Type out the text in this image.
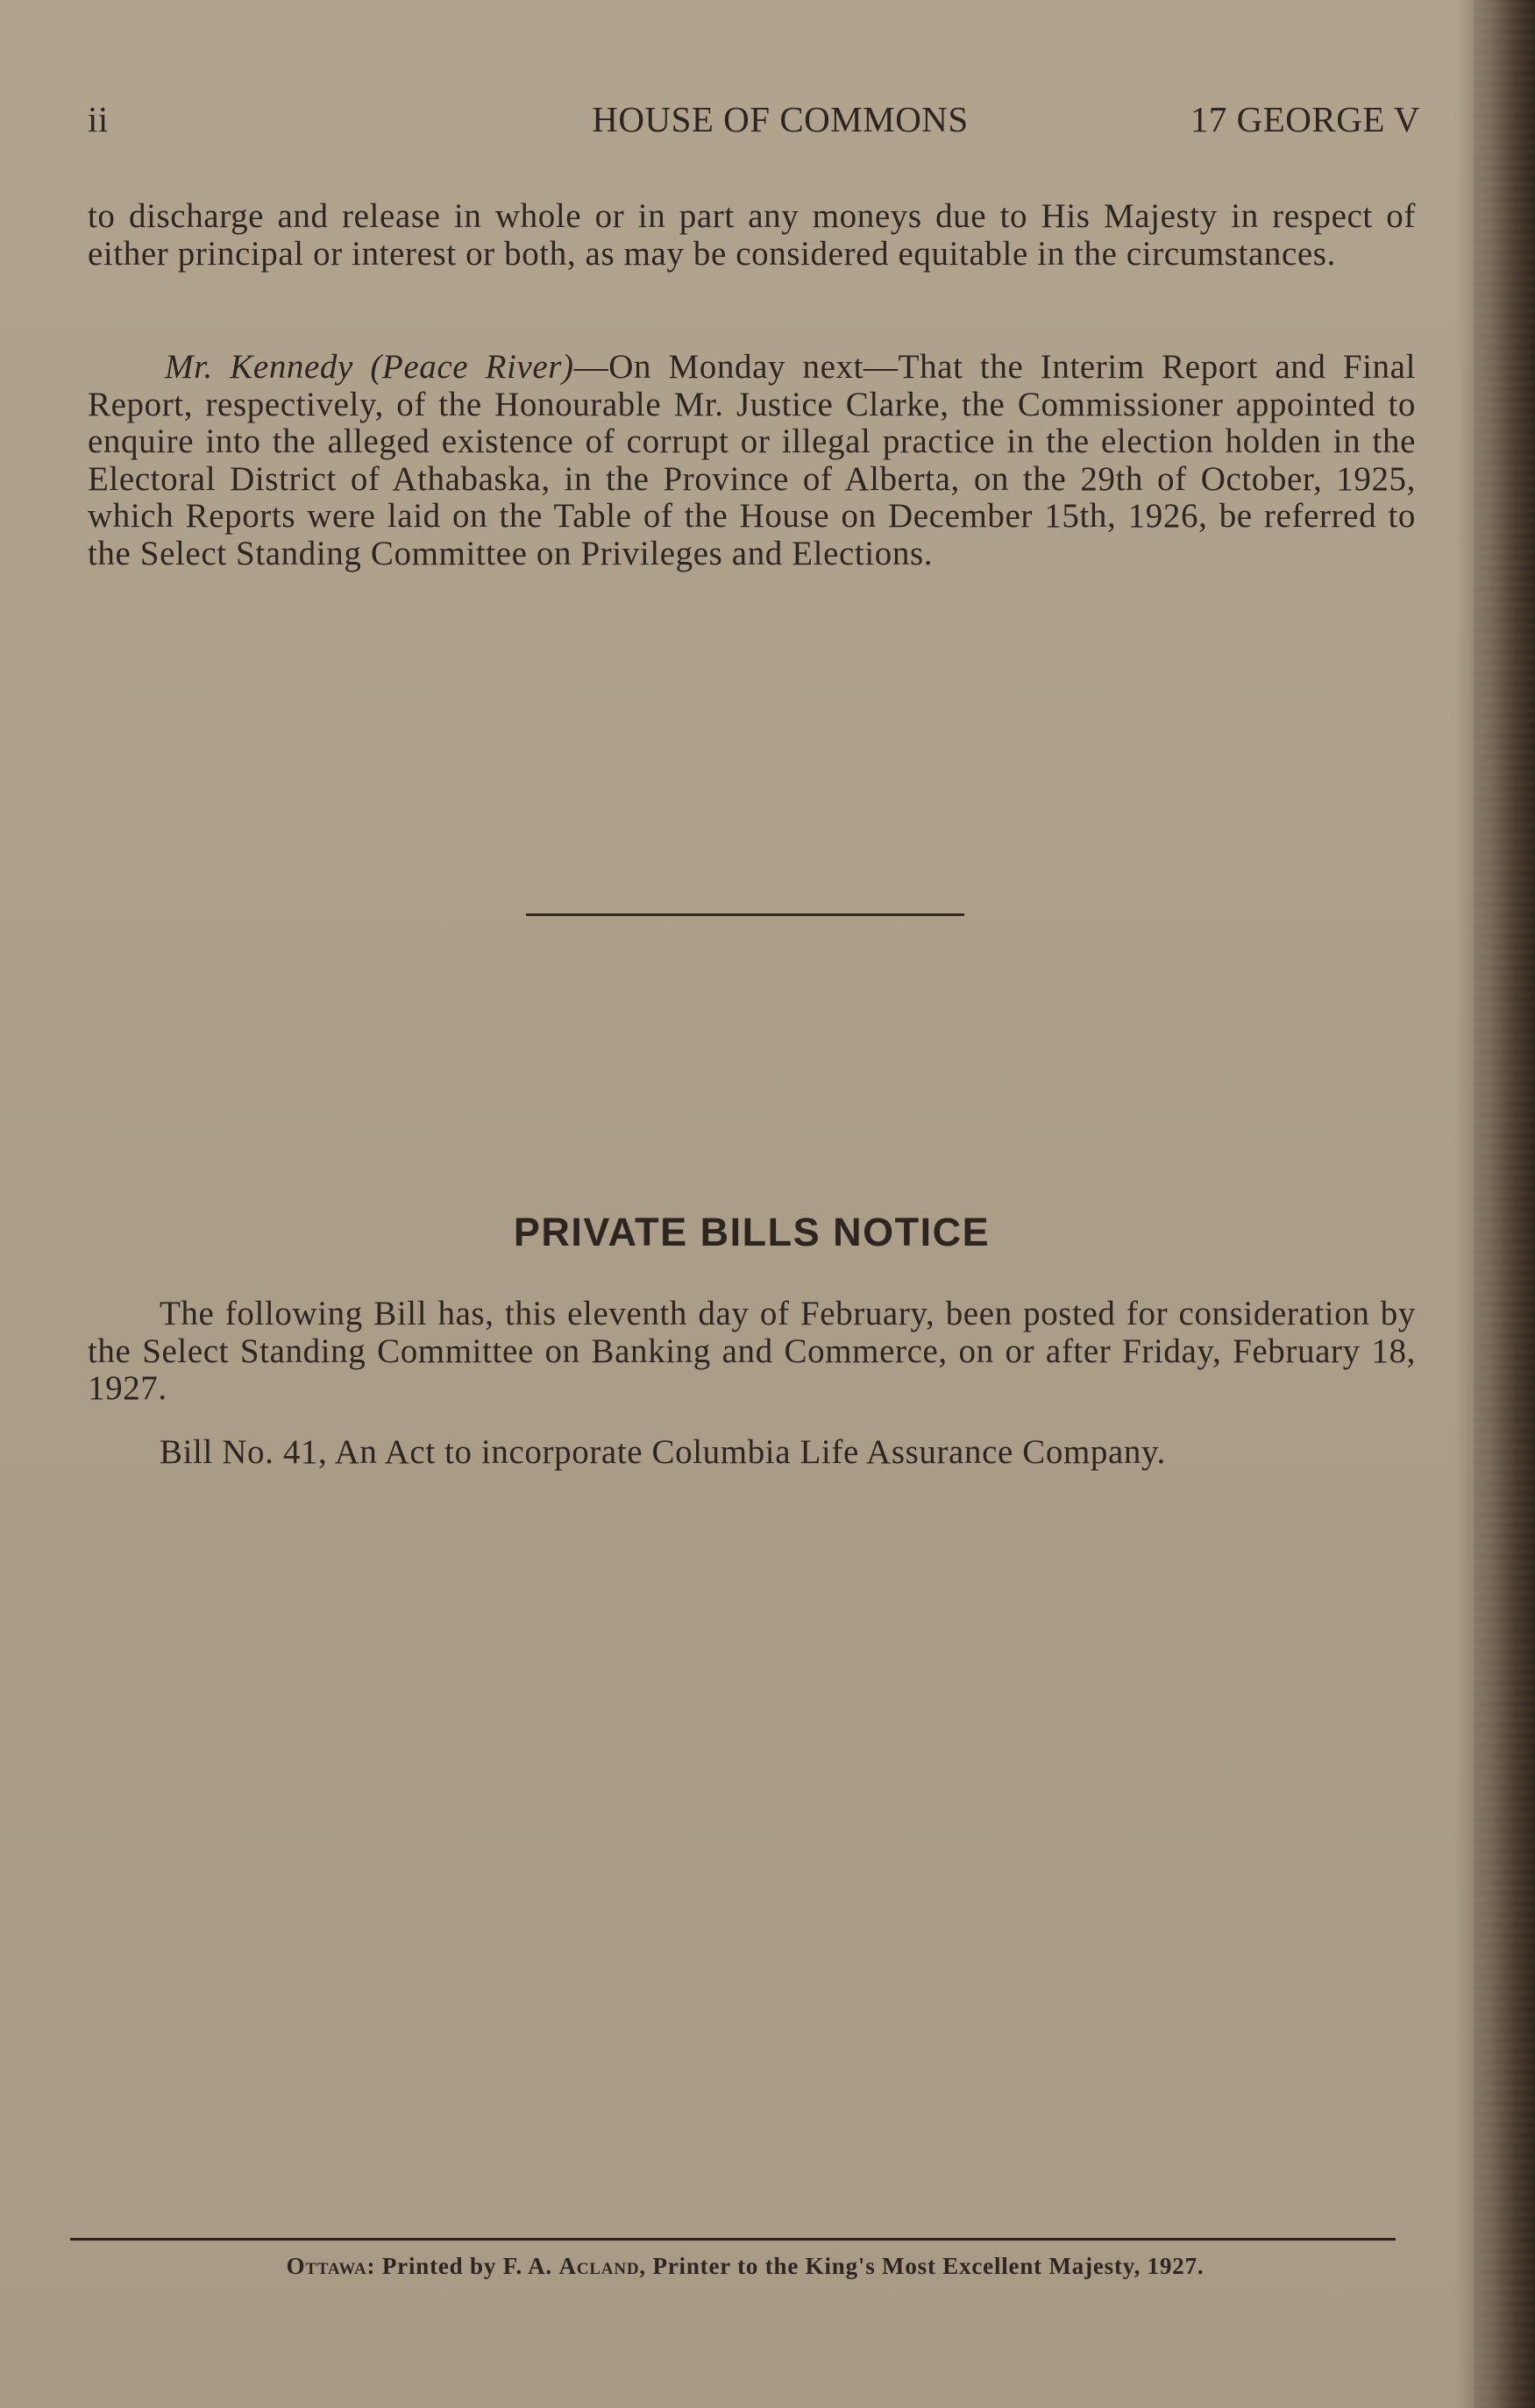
ii	HOUSE OF COMMONS	17 GEORGE V

to discharge and release in whole or in part any moneys due to His Majesty in respect of either principal or interest or both, as may be considered equitable in the circumstances.

Mr. Kennedy (Peace River)—On Monday next—That the Interim Report and Final Report, respectively, of the Honourable Mr. Justice Clarke, the Commissioner appointed to enquire into the alleged existence of corrupt or illegal practice in the election holden in the Electoral District of Athabaska, in the Province of Alberta, on the 29th of October, 1925, which Reports were laid on the Table of the House on December 15th, 1926, be referred to the Select Standing Committee on Privileges and Elections.

PRIVATE BILLS NOTICE

The following Bill has, this eleventh day of February, been posted for consideration by the Select Standing Committee on Banking and Commerce, on or after Friday, February 18, 1927.

Bill No. 41, An Act to incorporate Columbia Life Assurance Company.

Ottawa: Printed by F. A. Acland, Printer to the King's Most Excellent Majesty, 1927.
